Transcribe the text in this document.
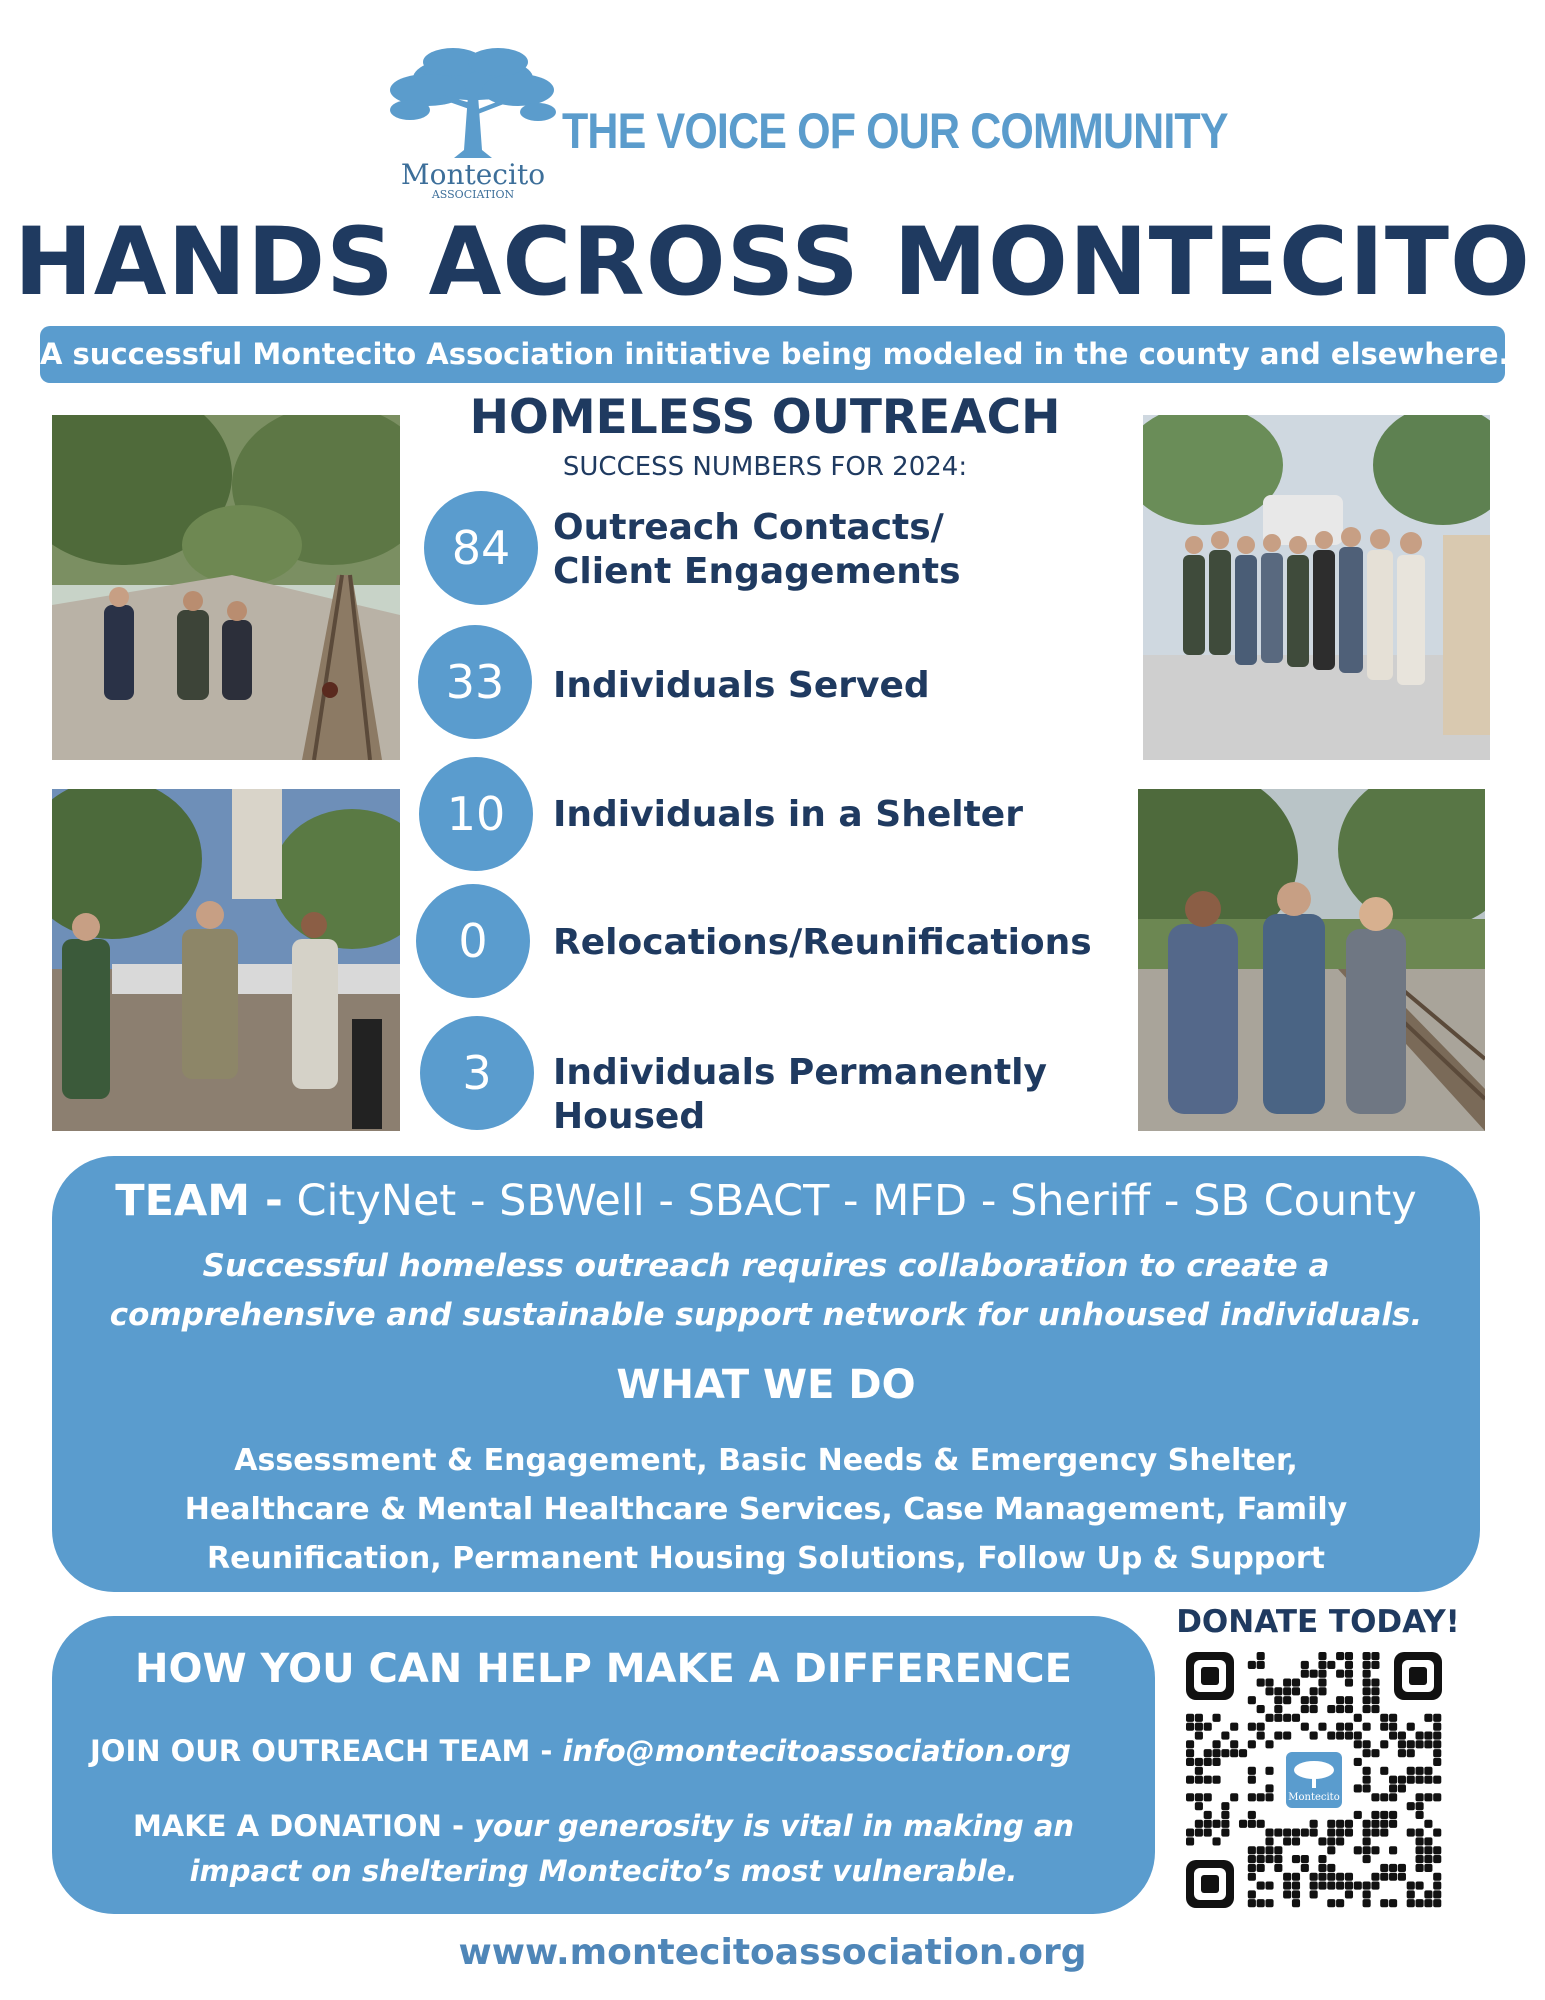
Montecito
ASSOCIATION
THE VOICE OF OUR COMMUNITY
HANDS ACROSS MONTECITO
A successful Montecito Association initiative being modeled in the county and elsewhere.
HOMELESS OUTREACH
SUCCESS NUMBERS FOR 2024:
84	Outreach Contacts/
Client Engagements
33	Individuals Served
10	Individuals in a Shelter
0	Relocations/Reunifications
3	Individuals Permanently
Housed
TEAM - CityNet - SBWell - SBACT - MFD - Sheriff - SB County
Successful homeless outreach requires collaboration to create a
comprehensive and sustainable support network for unhoused individuals.
WHAT WE DO
Assessment & Engagement, Basic Needs & Emergency Shelter,
Healthcare & Mental Healthcare Services, Case Management, Family
Reunification, Permanent Housing Solutions, Follow Up & Support
HOW YOU CAN HELP MAKE A DIFFERENCE
JOIN OUR OUTREACH TEAM - info@montecitoassociation.org
MAKE A DONATION - your generosity is vital in making an
impact on sheltering Montecito’s most vulnerable.
DONATE TODAY!
Montecito
www.montecitoassociation.org
